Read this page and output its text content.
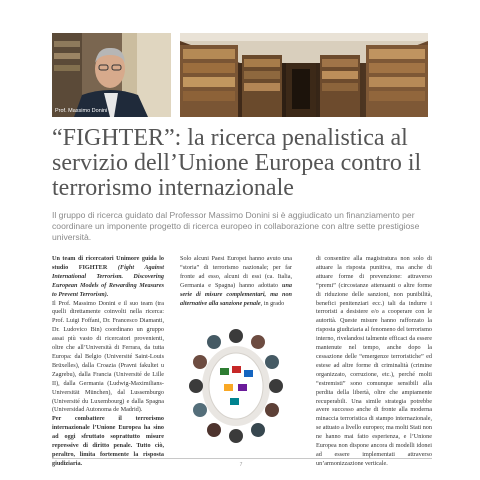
Prof. Massimo Donini
“FIGHTER”: la ricerca penalistica al servizio dell’Unione Europea contro il terrorismo internazionale

Il gruppo di ricerca guidato dal Professor Massimo Donini si è aggiudicato un finanziamento per coordinare un imponente progetto di ricerca europeo in collaborazione con altre sette prestigiose università.

Un team di ricercatori Unimore guida lo studio FIGHTER (Fight Against International Terrorism. Discovering European Models of Rewarding Measures to Prevent Terrorism).

Il Prof. Massimo Donini e il suo team (tra quelli direttamente coinvolti nella ricerca: Prof. Luigi Foffani, Dr. Francesco Diamanti, Dr. Ludovico Bin) coordinano un gruppo assai più vasto di ricercatori provenienti, oltre che all’Università di Ferrara, da tutta Europa: dal Belgio (Université Saint-Louis Brüxelles), dalla Croazia (Pravni fakultet u Zagrebu), dalla Francia (Université de Lille II), dalla Germania (Ludwig-Maximilians-Universität München), dal Lussemburgo (Université du Luxembourg) e dalla Spagna (Universidad Autonoma de Madrid).

Per combattere il terrorismo internazionale l’Unione Europea ha sino ad oggi sfruttato soprattutto misure repressive di diritto penale. Tutto ciò, peraltro, limita fortemente la risposta giudiziaria.

Solo alcuni Paesi Europei hanno avuto una “storia” di terrorismo nazionale; per far fronte ad esso, alcuni di essi (ca. Italia, Germania e Spagna) hanno adottato una serie di misure complementari, ma non alternative alla sanzione penale, in grado

di consentire alla magistratura non solo di attuare la risposta punitiva, ma anche di attuare forme di prevenzione: attraverso “premi” (circostanze attenuanti o altre forme di riduzione delle sanzioni, non punibilità, benefici penitenziari ecc.) tali da indurre i terroristi a desistere e/o a cooperare con le autorità. Queste misure hanno rafforzato la risposta giudiziaria al fenomeno del terrorismo interno, rivelandosi talmente efficaci da essere mantenute nel tempo, anche dopo la cessazione delle “emergenze terroristiche” ed estese ad altre forme di criminalità (crimine organizzato, corruzione, etc.), perché molti “estremisti” sono comunque sensibili alla perdita della libertà, oltre che ampiamente recuperabili. Una simile strategia potrebbe avere successo anche di fronte alla moderna minaccia terroristica di stampo internazionale, se attuato a livello europeo; ma molti Stati non ne hanno mai fatto esperienza, e l’Unione Europea non dispone ancora di modelli idonei ad essere implementati attraverso un’armonizzazione verticale.

7
